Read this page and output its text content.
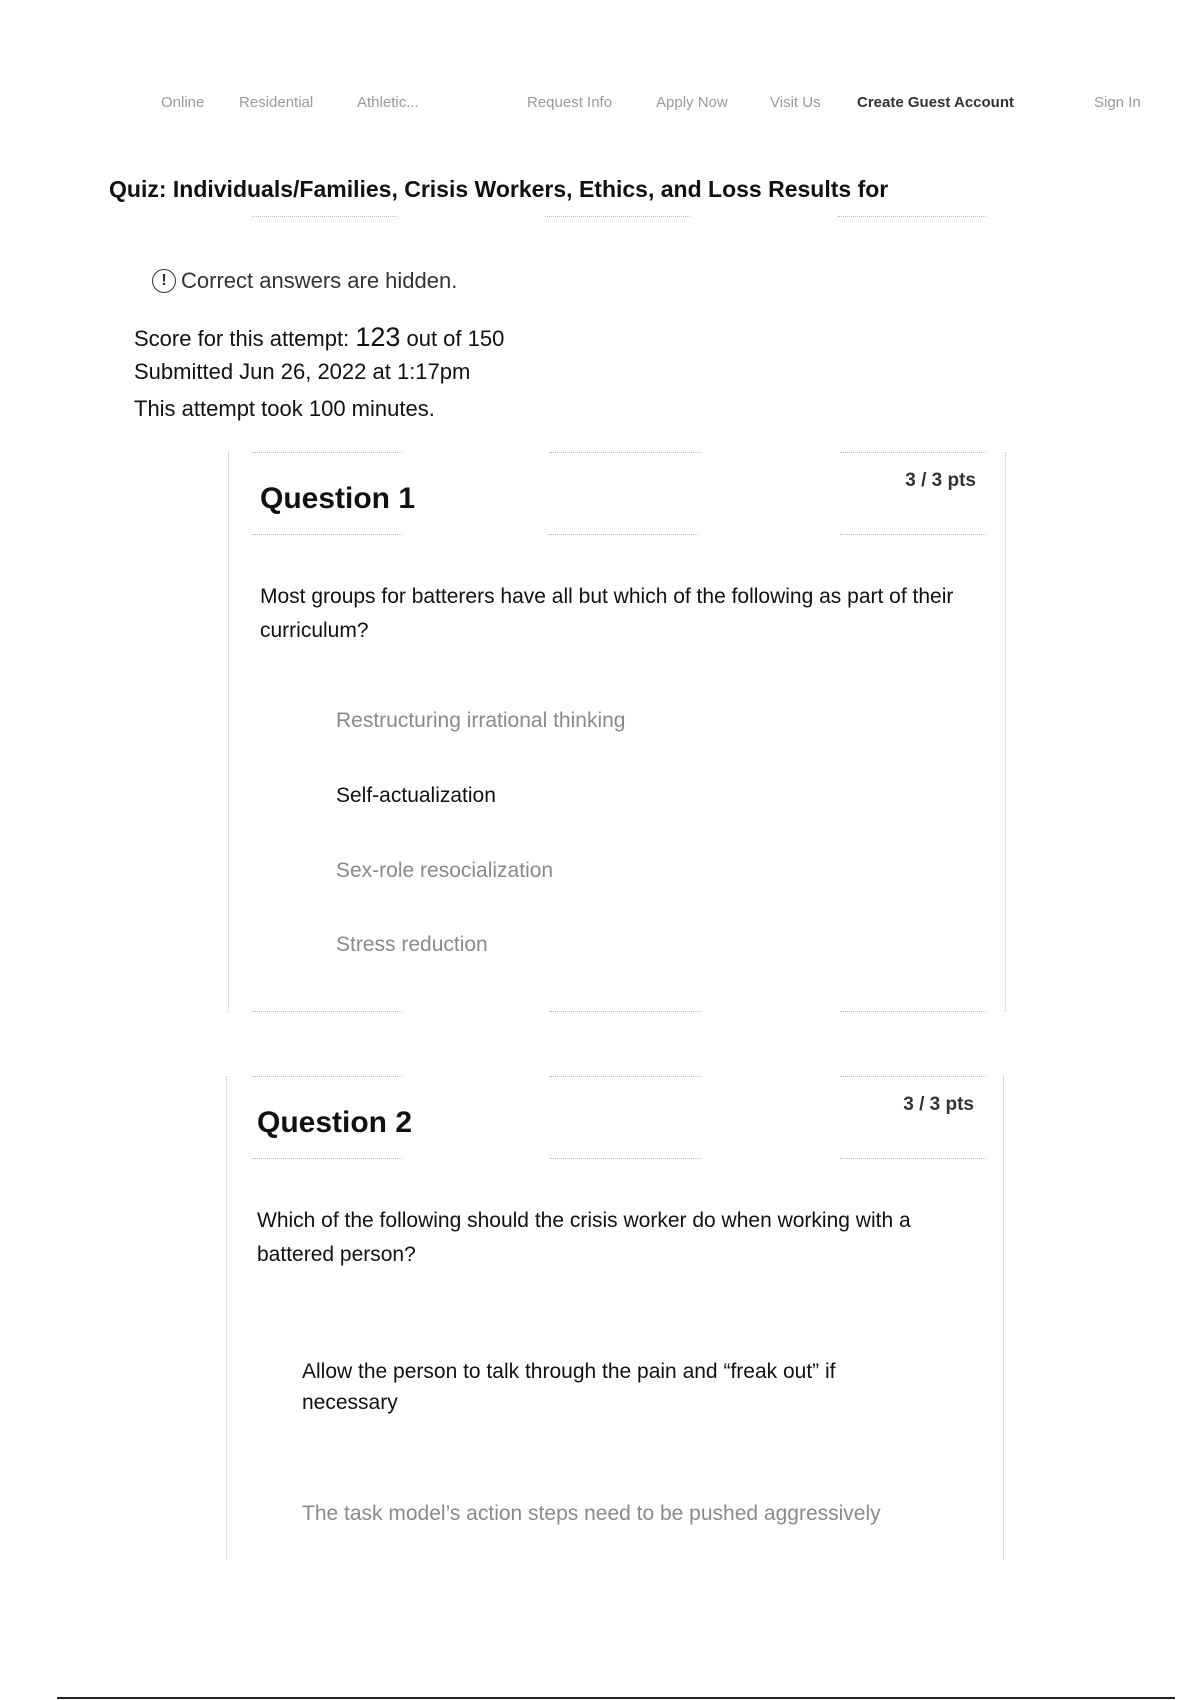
Online Residential	Athletic...	Request Info	Apply Now	Visit Us Create Guest Account	Sign In
Quiz: Individuals/Families, Crisis Workers, Ethics, and Loss Results for
! Correct answers are hidden.
Score for this attempt: 123 out of 150
Submitted Jun 26, 2022 at 1:17pm
This attempt took 100 minutes.
Question 1
3 / 3 pts
Most groups for batterers have all but which of the following as part of their curriculum?
Restructuring irrational thinking
Self-actualization
Sex-role resocialization
Stress reduction
Question 2
3 / 3 pts
Which of the following should the crisis worker do when working with a battered person?
Allow the person to talk through the pain and “freak out” if necessary
The task model’s action steps need to be pushed aggressively
